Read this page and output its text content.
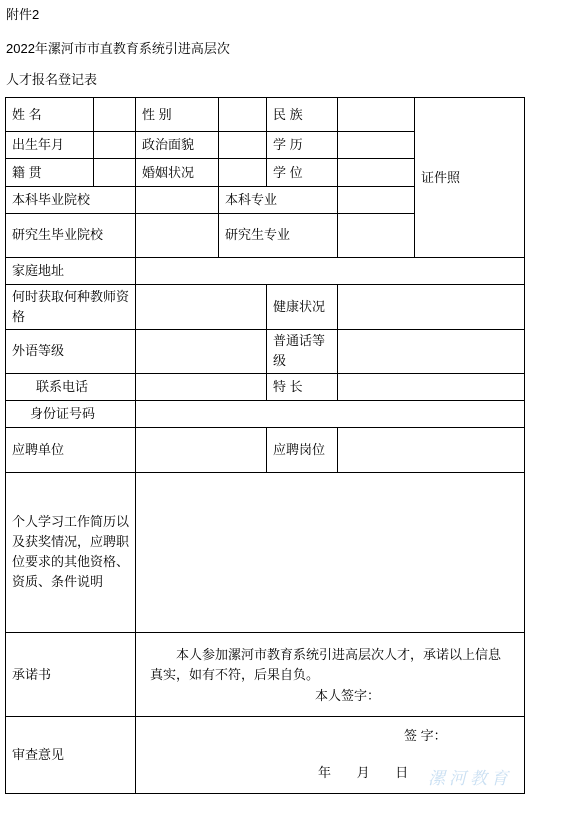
附件2
2022年漯河市市直教育系统引进高层次
人才报名登记表
姓 名		性 别		民 族		证件照
出生年月		政治面貌		学 历		
籍 贯		婚姻状况		学 位		
本科毕业院校			本科专业			
研究生毕业院校			研究生专业			
家庭地址						
何时获取何种教师资格				健康状况		
外语等级				普通话等级		
联系电话				特 长		
身份证号码						
应聘单位				应聘岗位		
个人学习工作简历以及获奖情况，应聘职位要求的其他资格、资质、条件说明						
承诺书		本人参加漯河市教育系统引进高层次人才，承诺以上信息真实，如有不符，后果自负。
本人签字：				

审查意见		签 字：
年 月 日					漯河教育
